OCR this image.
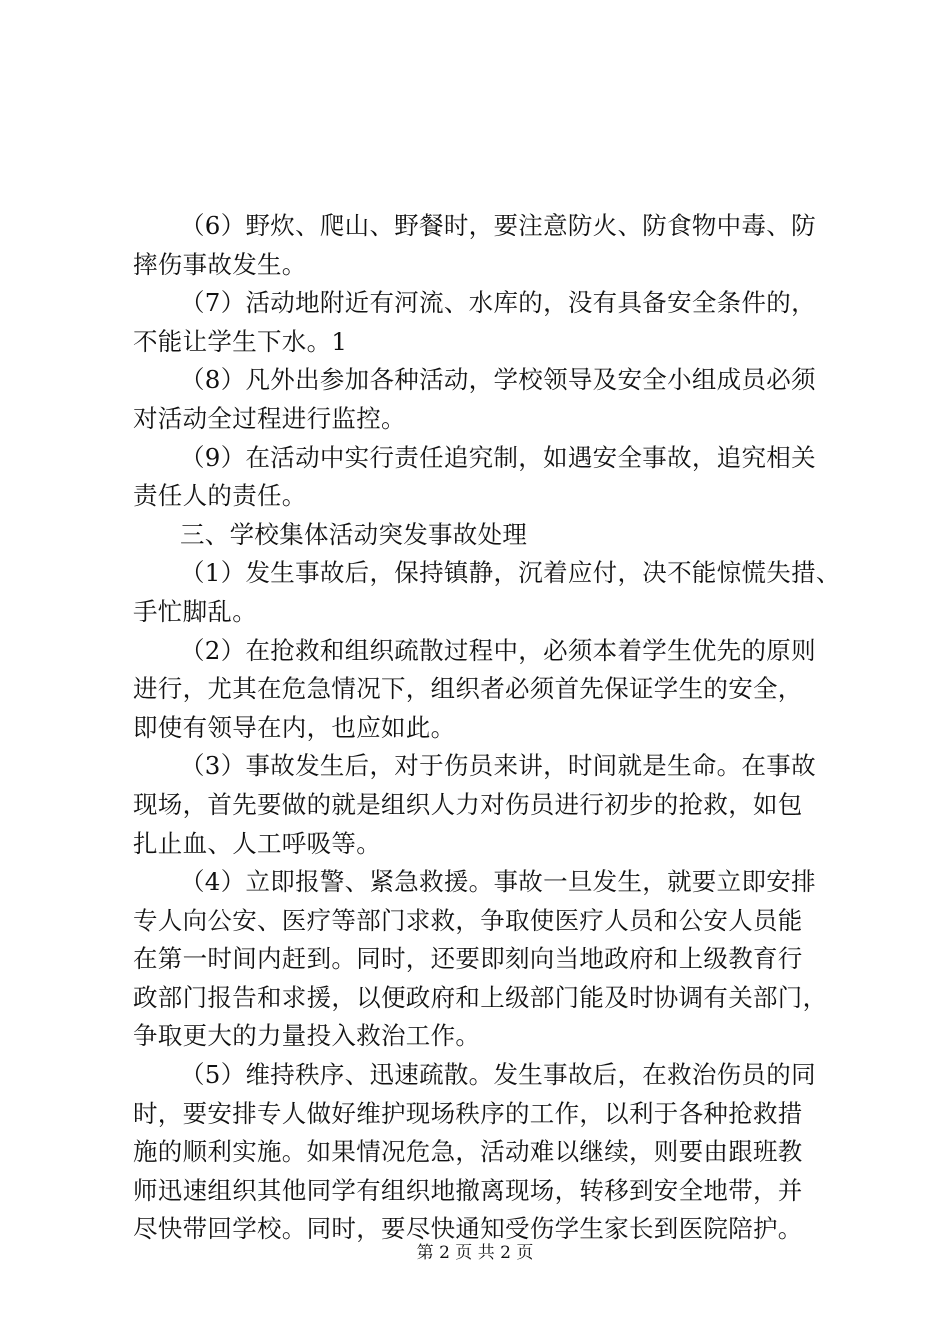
（6）野炊、爬山、野餐时，要注意防火、防食物中毒、防
摔伤事故发生。
（7）活动地附近有河流、水库的，没有具备安全条件的，
不能让学生下水。1
（8）凡外出参加各种活动，学校领导及安全小组成员必须
对活动全过程进行监控。
（9）在活动中实行责任追究制，如遇安全事故，追究相关
责任人的责任。
三、学校集体活动突发事故处理
（1）发生事故后，保持镇静，沉着应付，决不能惊慌失措、
手忙脚乱。
（2）在抢救和组织疏散过程中，必须本着学生优先的原则
进行，尤其在危急情况下，组织者必须首先保证学生的安全，
即使有领导在内，也应如此。
（3）事故发生后，对于伤员来讲，时间就是生命。在事故
现场，首先要做的就是组织人力对伤员进行初步的抢救，如包
扎止血、人工呼吸等。
（4）立即报警、紧急救援。事故一旦发生，就要立即安排
专人向公安、医疗等部门求救，争取使医疗人员和公安人员能
在第一时间内赶到。同时，还要即刻向当地政府和上级教育行
政部门报告和求援，以便政府和上级部门能及时协调有关部门，
争取更大的力量投入救治工作。
（5）维持秩序、迅速疏散。发生事故后，在救治伤员的同
时，要安排专人做好维护现场秩序的工作，以利于各种抢救措
施的顺利实施。如果情况危急，活动难以继续，则要由跟班教
师迅速组织其他同学有组织地撤离现场，转移到安全地带，并
尽快带回学校。同时，要尽快通知受伤学生家长到医院陪护。
第 2 页 共 2 页
